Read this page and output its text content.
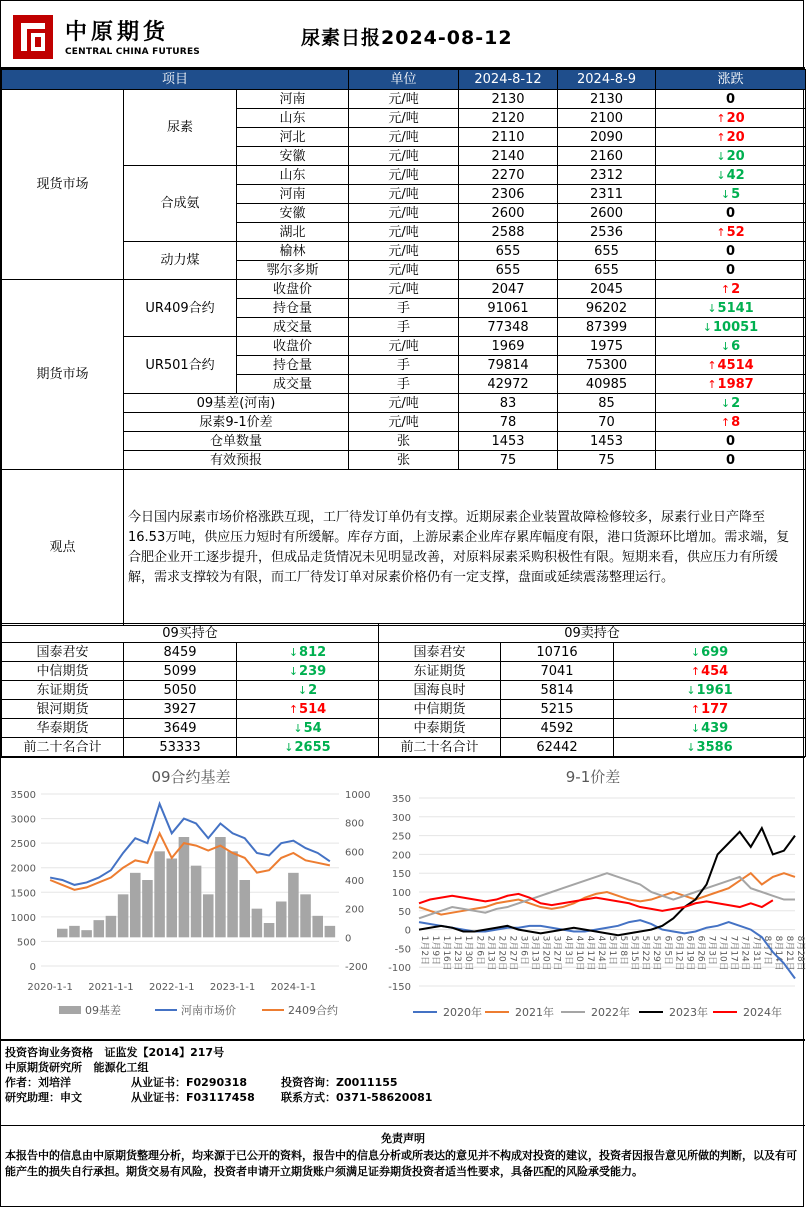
中原期货
CENTRAL CHINA FUTURES
尿素日报2024-08-12
项目			单位	2024-8-12	2024-8-9	涨跌
现货市场	尿素	河南	元/吨	2130	2130	0
		山东	元/吨	2120	2100	↑20
		河北	元/吨	2110	2090	↑20
		安徽	元/吨	2140	2160	↓20
	合成氨	山东	元/吨	2270	2312	↓42
		河南	元/吨	2306	2311	↓5
		安徽	元/吨	2600	2600	0
		湖北	元/吨	2588	2536	↑52
	动力煤	榆林	元/吨	655	655	0
		鄂尔多斯	元/吨	655	655	0
期货市场	UR409合约	收盘价	元/吨	2047	2045	↑2
		持仓量	手	91061	96202	↓5141
		成交量	手	77348	87399	↓10051
	UR501合约	收盘价	元/吨	1969	1975	↓6
		持仓量	手	79814	75300	↑4514
		成交量	手	42972	40985	↑1987
	09基差(河南)		元/吨	83	85	↓2
	尿素9-1价差		元/吨	78	70	↑8
	仓单数量		张	1453	1453	0
	有效预报		张	75	75	0
观点	今日国内尿素市场价格涨跌互现，工厂待发订单仍有支撑。近期尿素企业装置故障检修较多，尿素行业日产降至16.53万吨，供应压力短时有所缓解。库存方面，上游尿素企业库存累库幅度有限，港口货源环比增加。需求端，复合肥企业开工逐步提升，但成品走货情况未见明显改善，对原料尿素采购积极性有限。短期来看，供应压力有所缓解，需求支撑较为有限，而工厂待发订单对尿素价格仍有一定支撑，盘面或延续震荡整理运行。					
09买持仓			09卖持仓		
国泰君安	8459	↓812	国泰君安	10716	↓699
中信期货	5099	↓239	东证期货	7041	↑454
东证期货	5050	↓2	国海良时	5814	↓1961
银河期货	3927	↑514	中信期货	5215	↑177
华泰期货	3649	↓54	中泰期货	4592	↓439
前二十名合计	53333	↓2655	前二十名合计	62442	↓3586
09合约基差
3500
3000
2500
2000
1500
1000
500
0
1000
800
600
400
200
0
-200
2020-1-1 2021-1-1 2022-1-1 2023-1-1 2024-1-1
09基差	河南市场价	2409合约
9-1价差
350
300
250
200
150
100
50
0
-50
-100
-150
1月2日 1月9日 1月16日 1月23日 1月30日 2月6日 2月13日 2月20日 2月27日 3月6日 3月13日 3月20日 3月27日 4月3日 4月10日 4月17日 4月24日 5月1日 5月8日 5月15日 5月22日 5月29日 6月5日 6月12日 6月19日 6月26日 7月3日 7月10日 7月17日 7月24日 7月31日 8月7日 8月14日 8月21日 8月28日
2020年	2021年	2022年	2023年	2024年
投资咨询业务资格 证监发【2014】217号
中原期货研究所 能源化工组
作者：刘培洋	从业证书：F0290318	投资咨询：Z0011155
研究助理：申文	从业证书：F03117458 联系方式：0371-58620081
免责声明
本报告中的信息由中原期货整理分析，均来源于已公开的资料，报告中的信息分析或所表达的意见并不构成对投资的建议，投资者因报告意见所做的判断，以及有可能产生的损失自行承担。期货交易有风险，投资者申请开立期货账户须满足证券期货投资者适当性要求，具备匹配的风险承受能力。
